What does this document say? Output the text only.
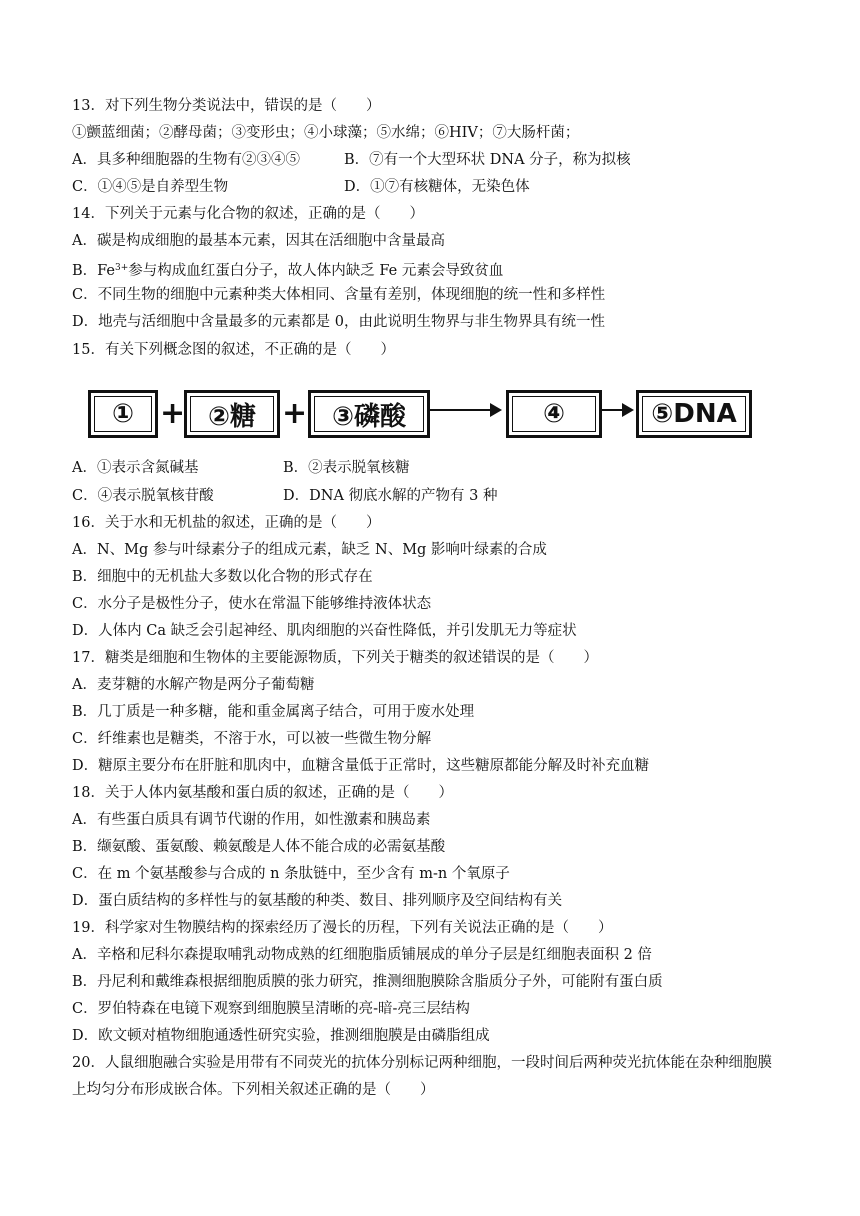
13．对下列生物分类说法中，错误的是（　　）
①颤蓝细菌；②酵母菌；③变形虫；④小球藻；⑤水绵；⑥HIV；⑦大肠杆菌；
A．具多种细胞器的生物有②③④⑤	B．⑦有一个大型环状 DNA 分子，称为拟核
C．①④⑤是自养型生物	D．①⑦有核糖体，无染色体
14．下列关于元素与化合物的叙述，正确的是（　　）
A．碳是构成细胞的最基本元素，因其在活细胞中含量最高
B．$Fe^{3+}$参与构成血红蛋白分子，故人体内缺乏 Fe 元素会导致贫血
C．不同生物的细胞中元素种类大体相同、含量有差别，体现细胞的统一性和多样性
D．地壳与活细胞中含量最多的元素都是 0，由此说明生物界与非生物界具有统一性
15．有关下列概念图的叙述，不正确的是（　　）
① + ②糖 + ③磷酸	④	⑤DNA
A．①表示含氮碱基	B．②表示脱氧核糖
C．④表示脱氧核苷酸	D．DNA 彻底水解的产物有 3 种
16．关于水和无机盐的叙述，正确的是（　　）
A．N、Mg 参与叶绿素分子的组成元素，缺乏 N、Mg 影响叶绿素的合成
B．细胞中的无机盐大多数以化合物的形式存在
C．水分子是极性分子，使水在常温下能够维持液体状态
D．人体内 Ca 缺乏会引起神经、肌肉细胞的兴奋性降低，并引发肌无力等症状
17．糖类是细胞和生物体的主要能源物质，下列关于糖类的叙述错误的是（　　）
A．麦芽糖的水解产物是两分子葡萄糖
B．几丁质是一种多糖，能和重金属离子结合，可用于废水处理
C．纤维素也是糖类，不溶于水，可以被一些微生物分解
D．糖原主要分布在肝脏和肌肉中，血糖含量低于正常时，这些糖原都能分解及时补充血糖
18．关于人体内氨基酸和蛋白质的叙述，正确的是（　　）
A．有些蛋白质具有调节代谢的作用，如性激素和胰岛素
B．缬氨酸、蛋氨酸、赖氨酸是人体不能合成的必需氨基酸
C．在 m 个氨基酸参与合成的 n 条肽链中，至少含有 m-n 个氧原子
D．蛋白质结构的多样性与的氨基酸的种类、数目、排列顺序及空间结构有关
19．科学家对生物膜结构的探索经历了漫长的历程，下列有关说法正确的是（　　）
A．辛格和尼科尔森提取哺乳动物成熟的红细胞脂质铺展成的单分子层是红细胞表面积 2 倍
B．丹尼利和戴维森根据细胞质膜的张力研究，推测细胞膜除含脂质分子外，可能附有蛋白质
C．罗伯特森在电镜下观察到细胞膜呈清晰的亮-暗-亮三层结构
D．欧文顿对植物细胞通透性研究实验，推测细胞膜是由磷脂组成
20．人鼠细胞融合实验是用带有不同荧光的抗体分别标记两种细胞，一段时间后两种荧光抗体能在杂种细胞膜
上均匀分布形成嵌合体。下列相关叙述正确的是（　　）
